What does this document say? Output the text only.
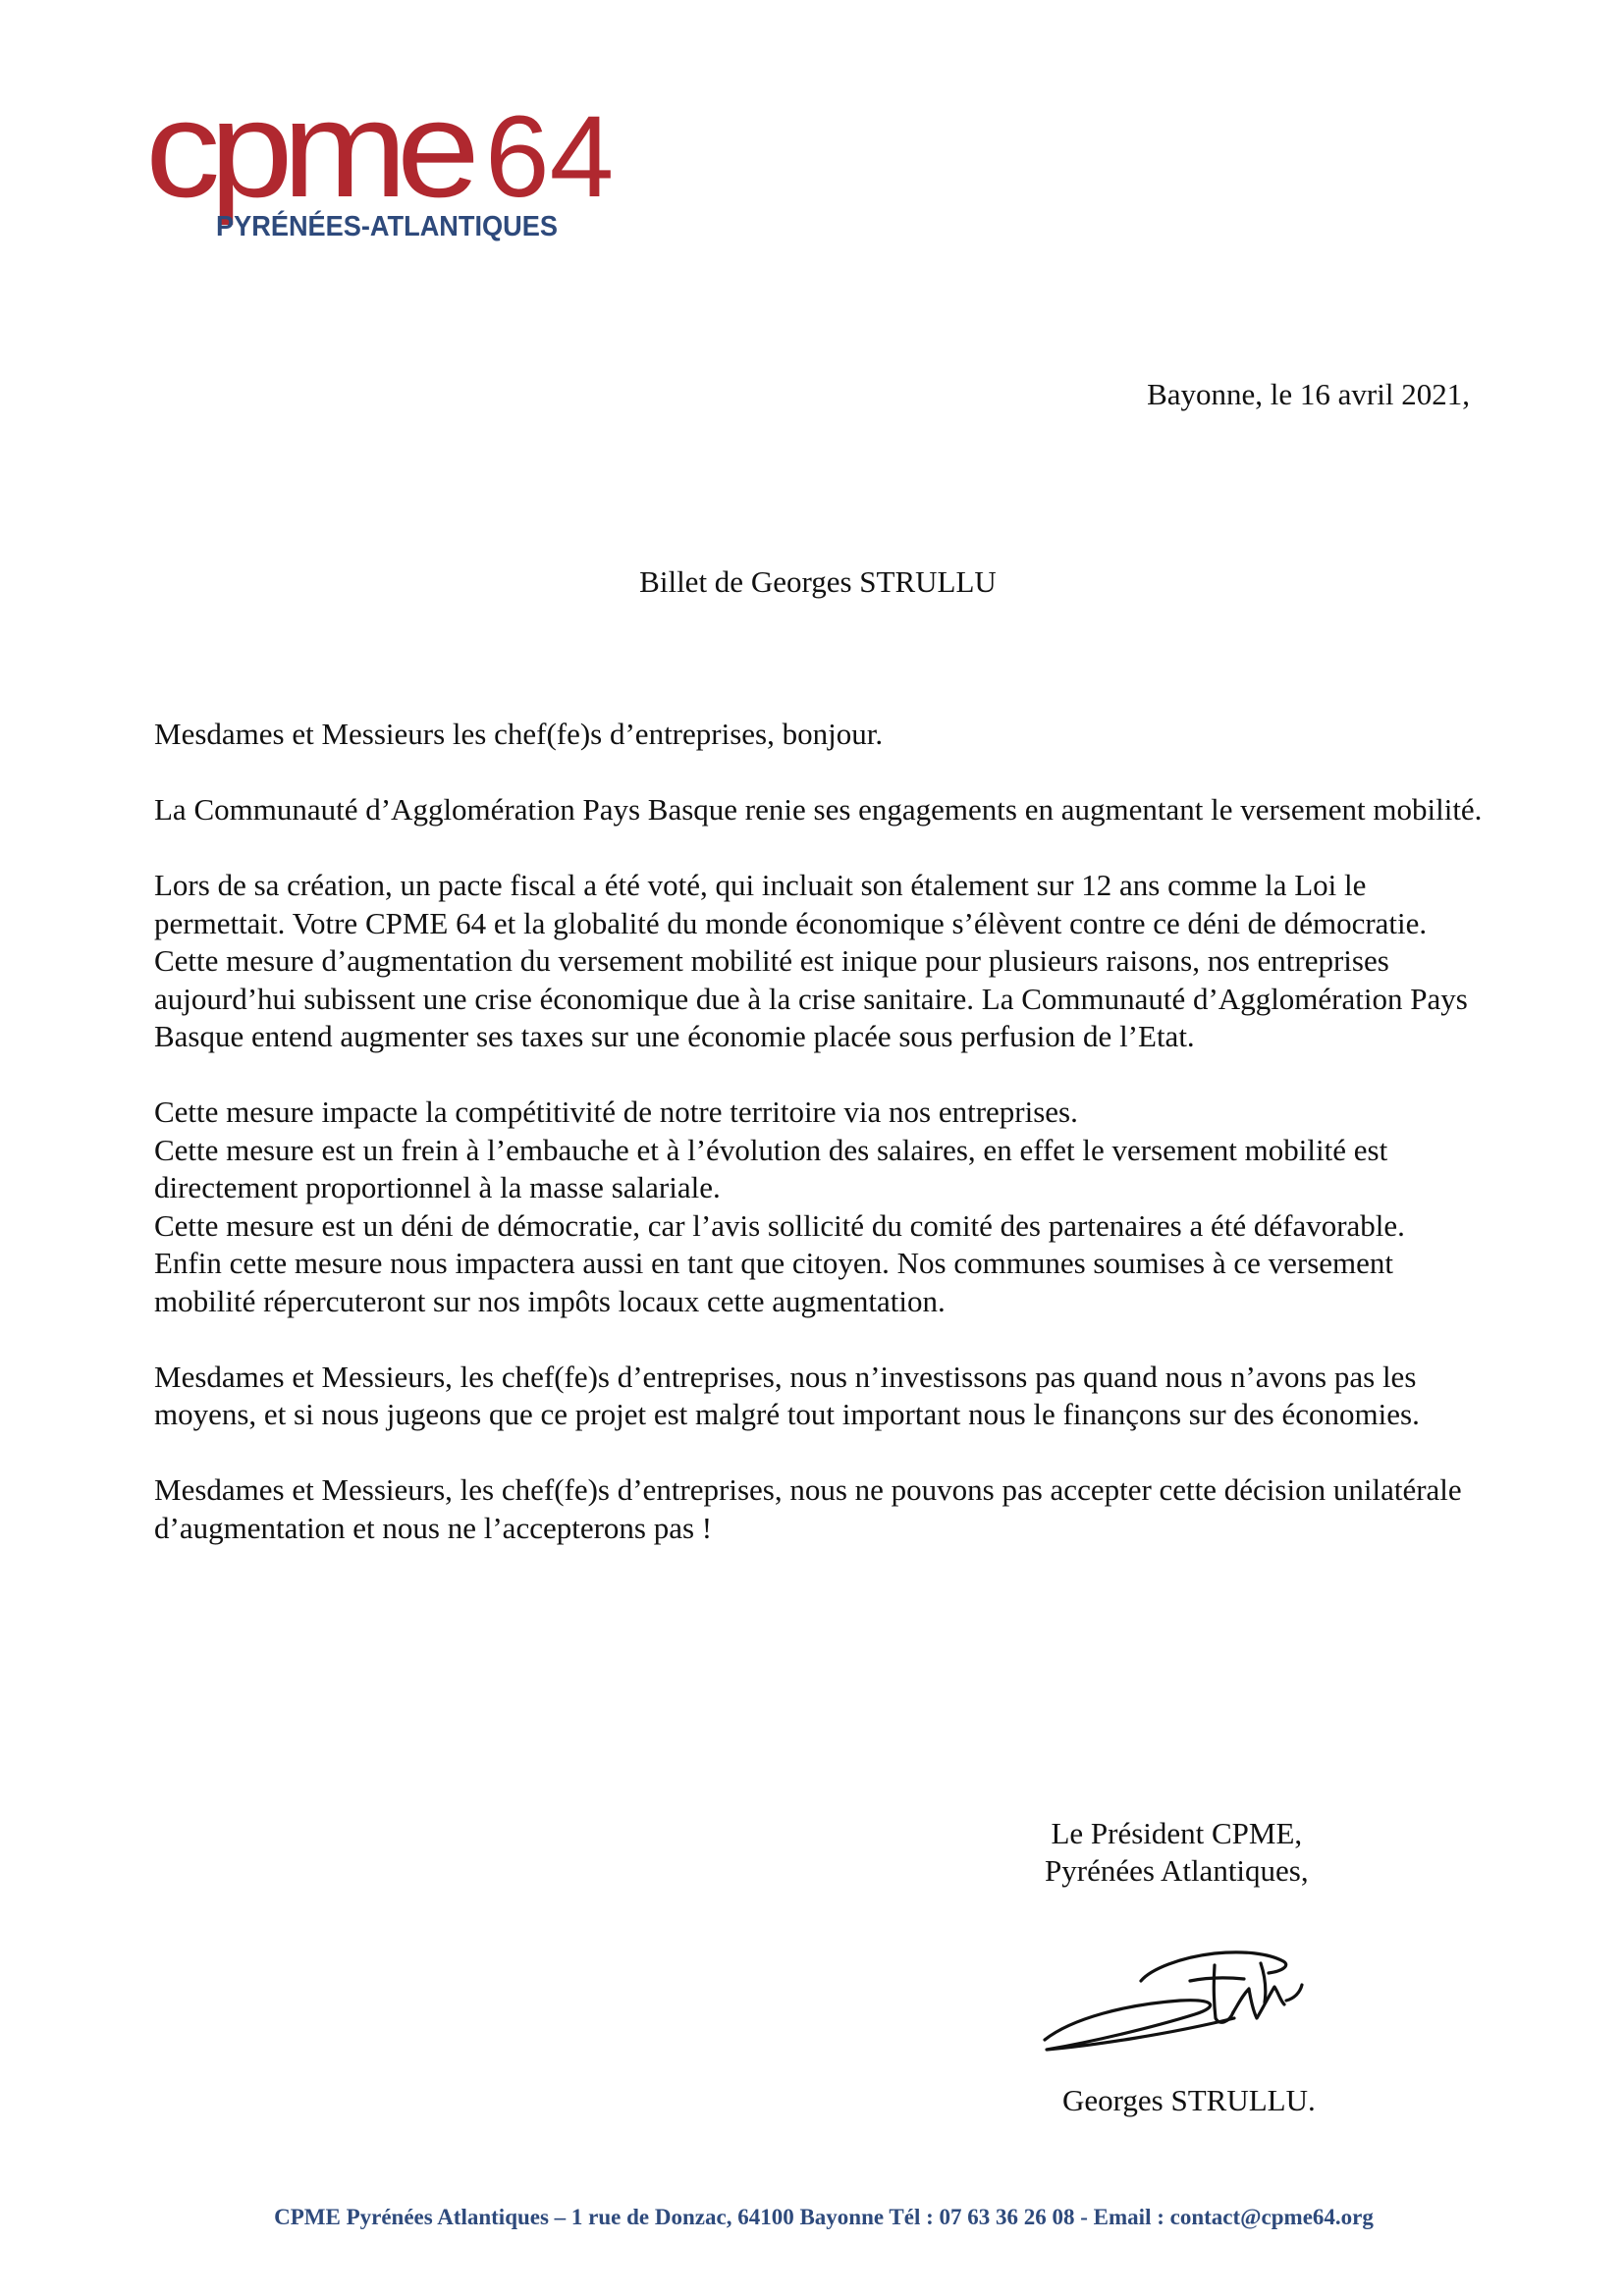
cpme 64
PYRÉNÉES-ATLANTIQUES
Bayonne, le 16 avril 2021,
Billet de Georges STRULLU

Mesdames et Messieurs les chef(fe)s d’entreprises, bonjour.

La Communauté d’Agglomération Pays Basque renie ses engagements en augmentant le versement mobilité.

Lors de sa création, un pacte fiscal a été voté, qui incluait son étalement sur 12 ans comme la Loi le permettait. Votre CPME 64 et la globalité du monde économique s’élèvent contre ce déni de démocratie. Cette mesure d’augmentation du versement mobilité est inique pour plusieurs raisons, nos entreprises aujourd’hui subissent une crise économique due à la crise sanitaire. La Communauté d’Agglomération Pays Basque entend augmenter ses taxes sur une économie placée sous perfusion de l’Etat.

Cette mesure impacte la compétitivité de notre territoire via nos entreprises.

Cette mesure est un frein à l’embauche et à l’évolution des salaires, en effet le versement mobilité est directement proportionnel à la masse salariale.

Cette mesure est un déni de démocratie, car l’avis sollicité du comité des partenaires a été défavorable.

Enfin cette mesure nous impactera aussi en tant que citoyen. Nos communes soumises à ce versement mobilité répercuteront sur nos impôts locaux cette augmentation.

Mesdames et Messieurs, les chef(fe)s d’entreprises, nous n’investissons pas quand nous n’avons pas les moyens, et si nous jugeons que ce projet est malgré tout important nous le finançons sur des économies.

Mesdames et Messieurs, les chef(fe)s d’entreprises, nous ne pouvons pas accepter cette décision unilatérale d’augmentation et nous ne l’accepterons pas !

Le Président CPME,
Pyrénées Atlantiques,
Georges STRULLU.
CPME Pyrénées Atlantiques – 1 rue de Donzac, 64100 Bayonne Tél : 07 63 36 26 08 - Email : contact@cpme64.org
